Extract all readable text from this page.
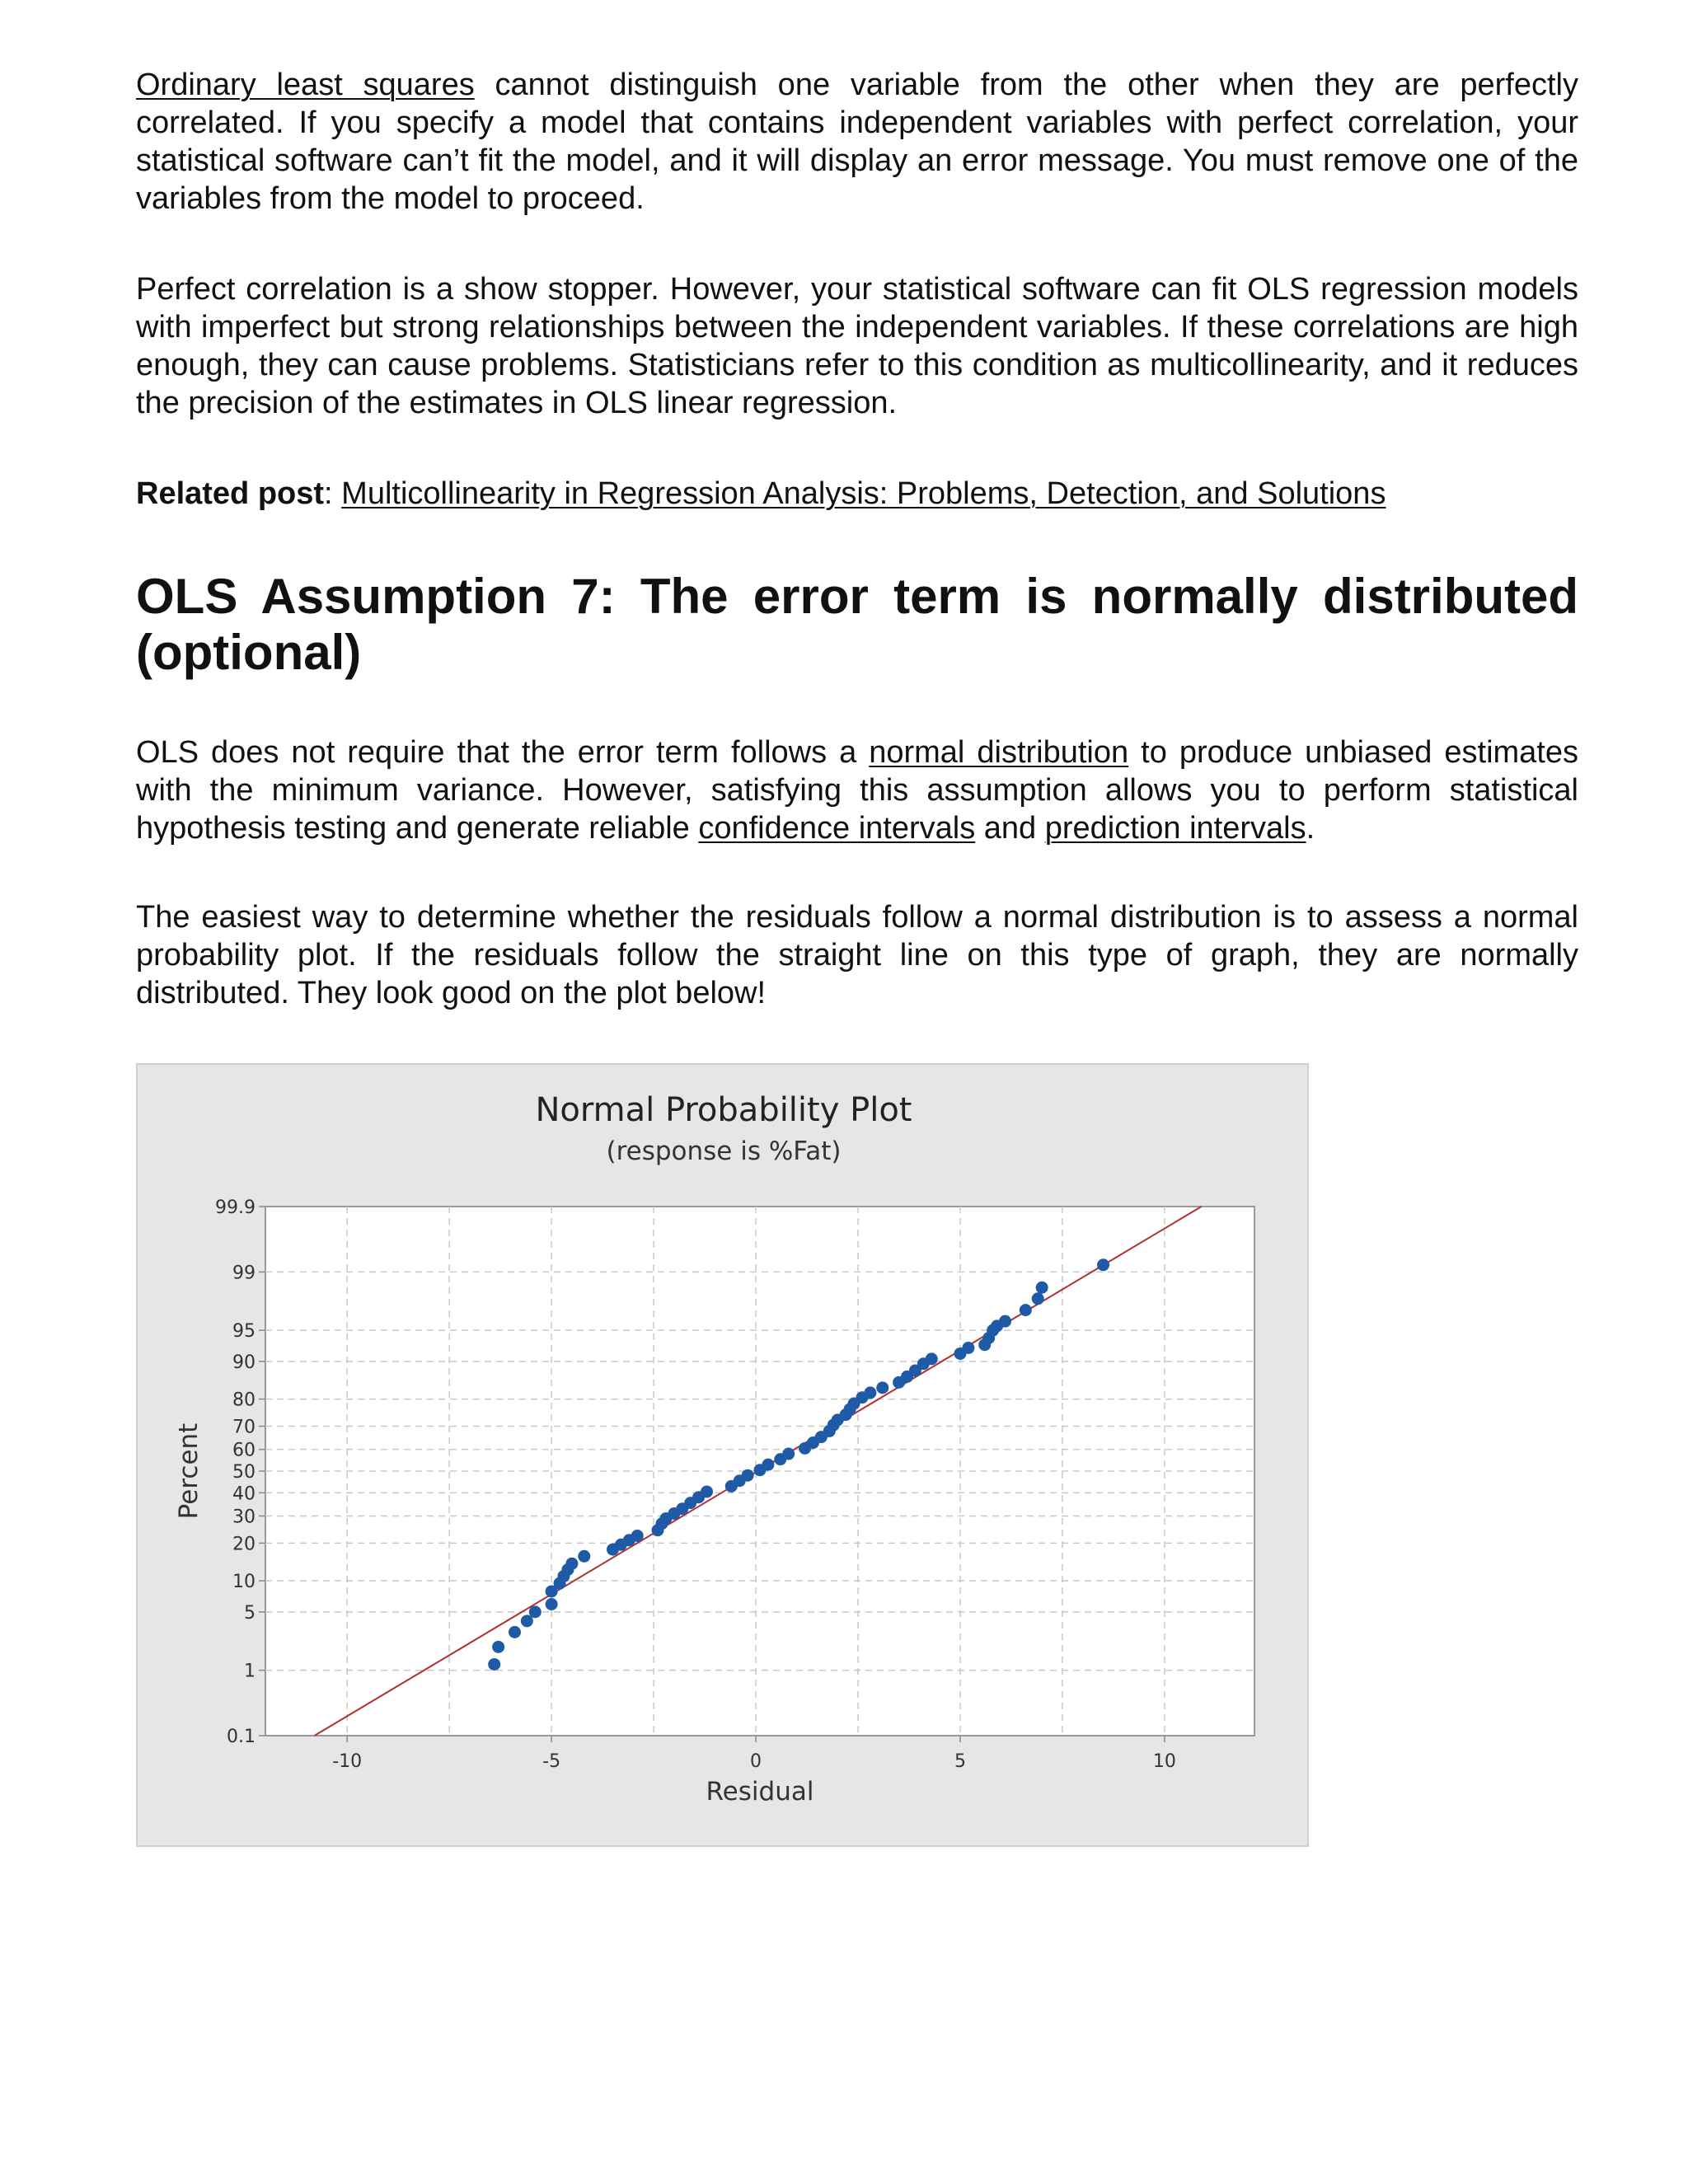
Ordinary least squares cannot distinguish one variable from the other when they are perfectly correlated. If you specify a model that contains independent variables with perfect correlation, your statistical software can’t fit the model, and it will display an error message. You must remove one of the variables from the model to proceed.

Perfect correlation is a show stopper. However, your statistical software can fit OLS regression models with imperfect but strong relationships between the independent variables. If these correlations are high enough, they can cause problems. Statisticians refer to this condition as multicollinearity, and it reduces the precision of the estimates in OLS linear regression.

Related post: Multicollinearity in Regression Analysis: Problems, Detection, and Solutions

OLS Assumption 7: The error term is normally distributed (optional)

OLS does not require that the error term follows a normal distribution to produce unbiased estimates with the minimum variance. However, satisfying this assumption allows you to perform statistical hypothesis testing and generate reliable confidence intervals and prediction intervals.

The easiest way to determine whether the residuals follow a normal distribution is to assess a normal probability plot. If the residuals follow the straight line on this type of graph, they are normally distributed. They look good on the plot below!

Normal Probability Plot
(response is %Fat)
0.1
1
5
10
20
30
40
50
60
70
80
90
95
99
99.9
-10	-5	0	5	10
Residual
Percent
